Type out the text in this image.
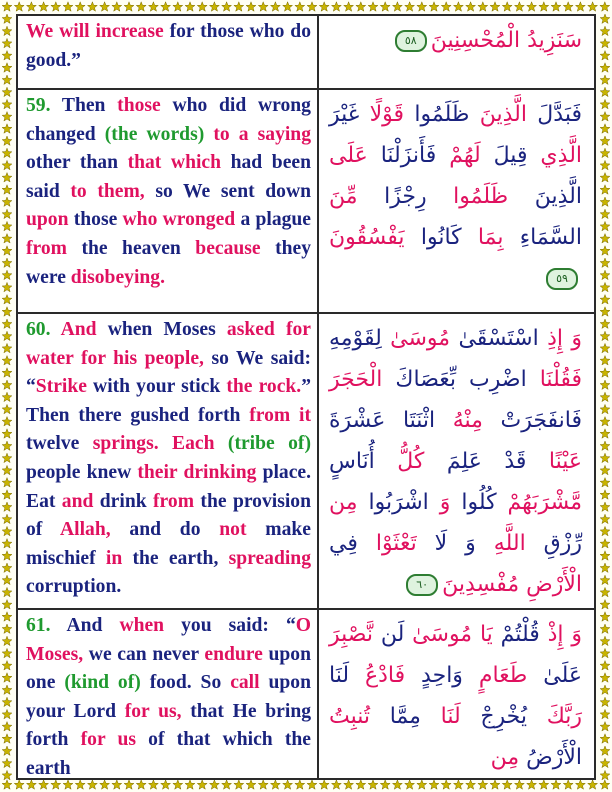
We will increase for those who do good.”
سَنَزِيدُ الْمُحْسِنِينَ٥٨
59. Then those who did wrong changed (the words) to a saying other than that which had been said to them, so We sent down upon those who wronged a plague from the heaven because they were disobeying.
فَبَدَّلَ الَّذِينَ ظَلَمُوا قَوْلًا غَيْرَ الَّذِي قِيلَ لَهُمْ فَأَنزَلْنَا عَلَى الَّذِينَ ظَلَمُوا رِجْزًا مِّنَ السَّمَاءِ بِمَا كَانُوا يَفْسُقُونَ٥٩
60. And when Moses asked for water for his people, so We said: “Strike with your stick the rock.” Then there gushed forth from it twelve springs. Each (tribe of) people knew their drinking place. Eat and drink from the provision of Allah, and do not make mischief in the earth, spreading corruption.
وَ إِذِ اسْتَسْقَىٰ مُوسَىٰ لِقَوْمِهِ فَقُلْنَا اضْرِب بِّعَصَاكَ الْحَجَرَ فَانفَجَرَتْ مِنْهُ اثْنَتَا عَشْرَةَ عَيْنًا قَدْ عَلِمَ كُلُّ أُنَاسٍ مَّشْرَبَهُمْ كُلُوا وَ اشْرَبُوا مِن رِّزْقِ اللَّهِ وَ لَا تَعْثَوْا فِي الْأَرْضِ مُفْسِدِينَ٦٠
61. And when you said: “O Moses, we can never endure upon one (kind of) food. So call upon your Lord for us, that He bring forth for us of that which the earth
وَ إِذْ قُلْتُمْ يَا مُوسَىٰ لَن نَّصْبِرَ عَلَىٰ طَعَامٍ وَاحِدٍ فَادْعُ لَنَا رَبَّكَ يُخْرِجْ لَنَا مِمَّا تُنبِتُ الْأَرْضُ مِن
